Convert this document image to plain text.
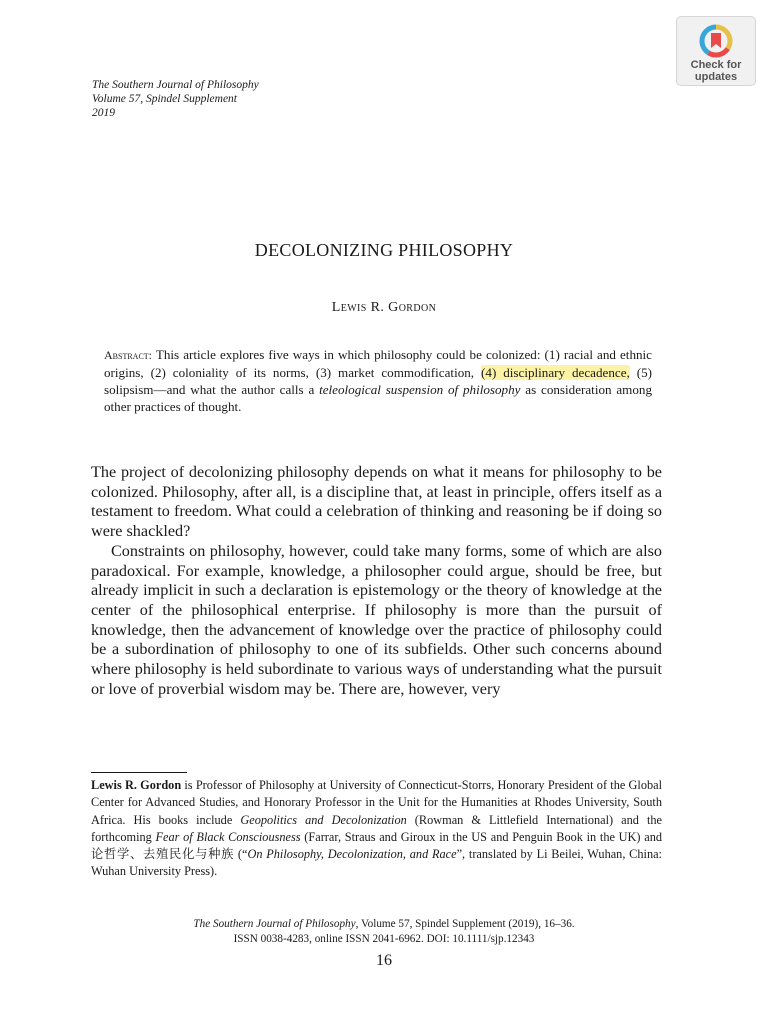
The Southern Journal of Philosophy
Volume 57, Spindel Supplement
2019
Check for
updates
DECOLONIZING PHILOSOPHY
Lewis R. Gordon
Abstract: This article explores five ways in which philosophy could be colonized: (1) racial and ethnic origins, (2) coloniality of its norms, (3) market commodification, (4) disciplinary decadence, (5) solipsism—and what the author calls a teleological suspension of philosophy as consideration among other practices of thought.

The project of decolonizing philosophy depends on what it means for philosophy to be colonized. Philosophy, after all, is a discipline that, at least in principle, offers itself as a testament to freedom. What could a celebration of thinking and reasoning be if doing so were shackled?

Constraints on philosophy, however, could take many forms, some of which are also paradoxical. For example, knowledge, a philosopher could argue, should be free, but already implicit in such a declaration is epistemology or the theory of knowledge at the center of the philosophical enterprise. If philosophy is more than the pursuit of knowledge, then the advancement of knowledge over the practice of philosophy could be a subordination of philosophy to one of its subfields. Other such concerns abound where philosophy is held subordinate to various ways of understanding what the pursuit or love of proverbial wisdom may be. There are, however, very

Lewis R. Gordon is Professor of Philosophy at University of Connecticut-Storrs, Honorary President of the Global Center for Advanced Studies, and Honorary Professor in the Unit for the Humanities at Rhodes University, South Africa. His books include Geopolitics and Decolonization (Rowman & Littlefield International) and the forthcoming Fear of Black Consciousness (Farrar, Straus and Giroux in the US and Penguin Book in the UK) and 论哲学、去殖民化与种族 (“On Philosophy, Decolonization, and Race”, translated by Li Beilei, Wuhan, China: Wuhan University Press).
The Southern Journal of Philosophy, Volume 57, Spindel Supplement (2019), 16–36.
ISSN 0038-4283, online ISSN 2041-6962. DOI: 10.1111/sjp.12343
16
